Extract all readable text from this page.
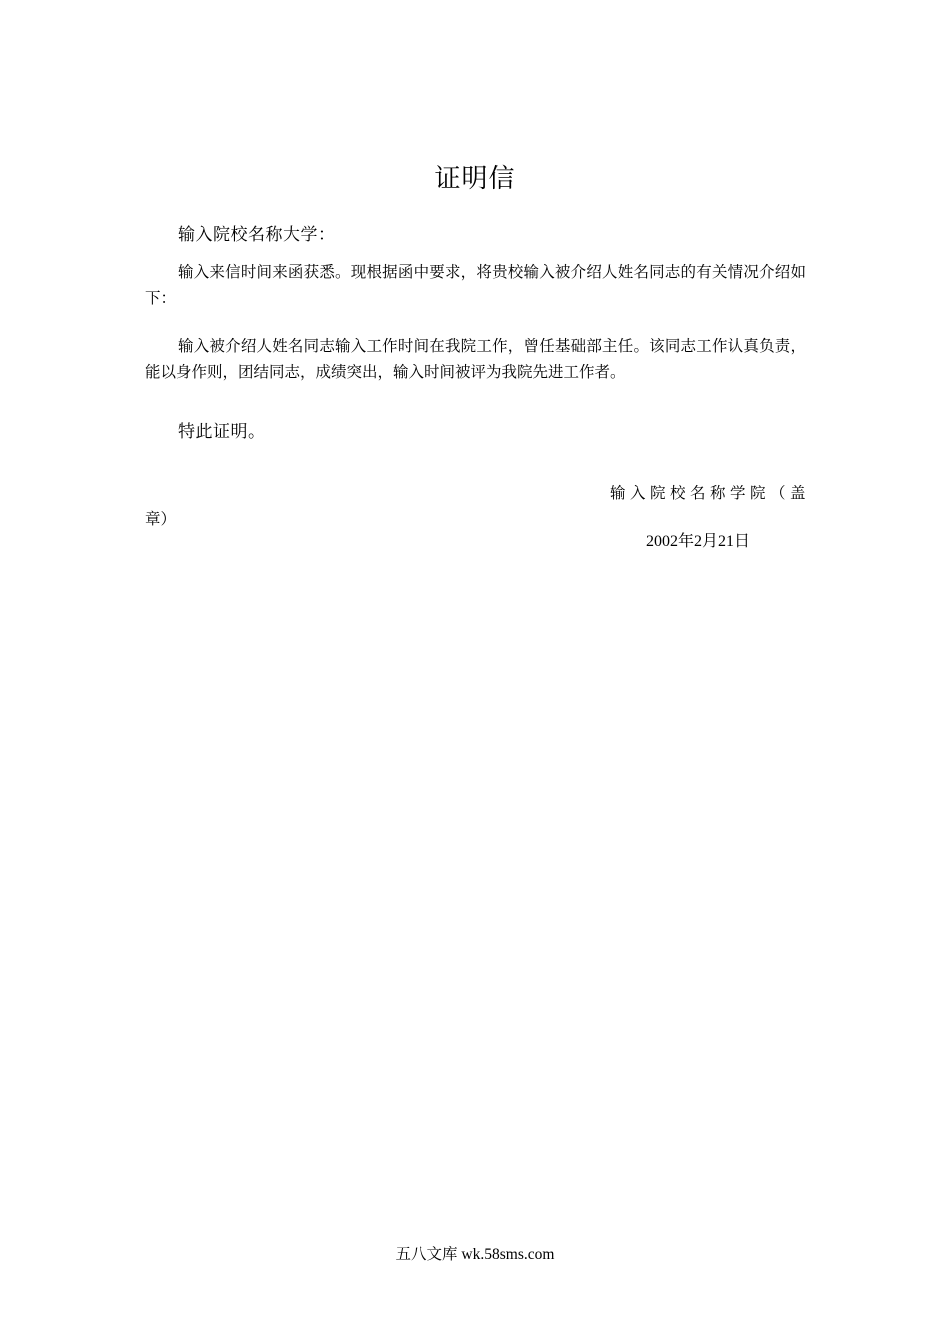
证明信
输入院校名称大学：
输入来信时间来函获悉。现根据函中要求，将贵校输入被介绍人姓名同志的有关情况介绍如下：
输入被介绍人姓名同志输入工作时间在我院工作，曾任基础部主任。该同志工作认真负责，能以身作则，团结同志，成绩突出，输入时间被评为我院先进工作者。
特此证明。
输入院校名称学院（盖
章）
2002年2月21日
五八文库 wk.58sms.com
